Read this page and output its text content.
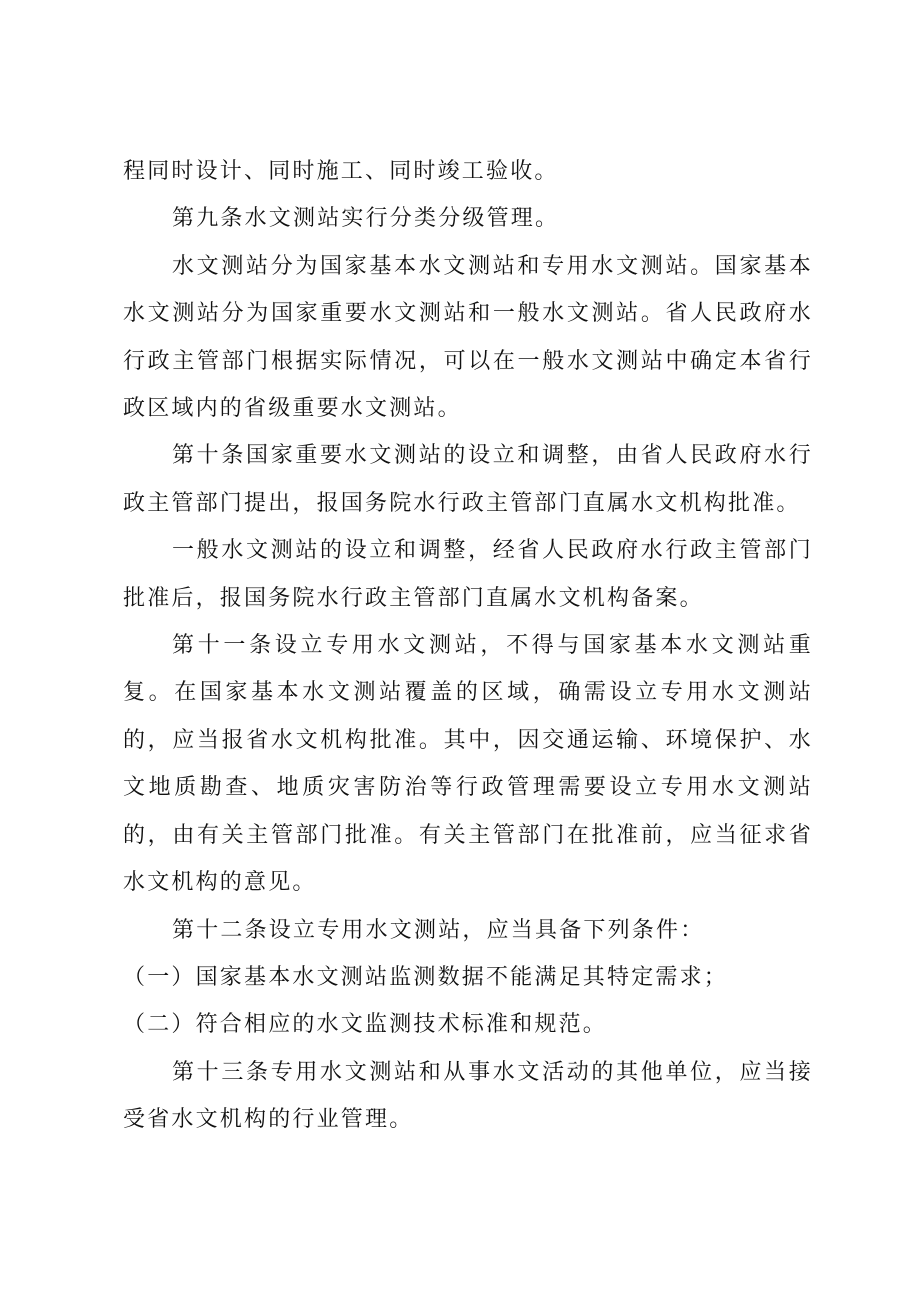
程同时设计、同时施工、同时竣工验收。

第九条水文测站实行分类分级管理。

水文测站分为国家基本水文测站和专用水文测站。国家基本水文测站分为国家重要水文测站和一般水文测站。省人民政府水行政主管部门根据实际情况，可以在一般水文测站中确定本省行政区域内的省级重要水文测站。

第十条国家重要水文测站的设立和调整，由省人民政府水行政主管部门提出，报国务院水行政主管部门直属水文机构批准。

一般水文测站的设立和调整，经省人民政府水行政主管部门批准后，报国务院水行政主管部门直属水文机构备案。

第十一条设立专用水文测站，不得与国家基本水文测站重复。在国家基本水文测站覆盖的区域，确需设立专用水文测站的，应当报省水文机构批准。其中，因交通运输、环境保护、水文地质勘查、地质灾害防治等行政管理需要设立专用水文测站的，由有关主管部门批准。有关主管部门在批准前，应当征求省水文机构的意见。

第十二条设立专用水文测站，应当具备下列条件：

（一）国家基本水文测站监测数据不能满足其特定需求；

（二）符合相应的水文监测技术标准和规范。

第十三条专用水文测站和从事水文活动的其他单位，应当接受省水文机构的行业管理。
